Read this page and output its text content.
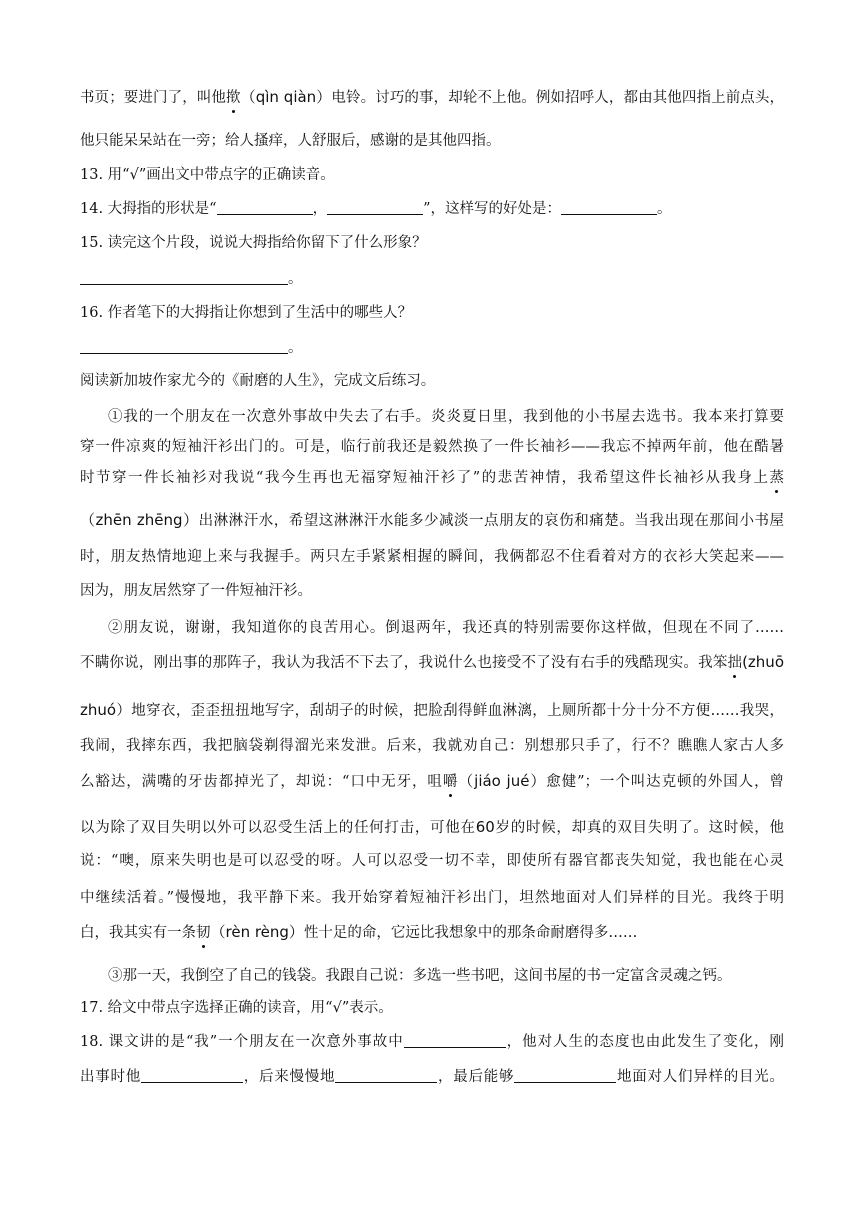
书页；要进门了，叫他揿（qìn qiàn）电铃。讨巧的事，却轮不上他。例如招呼人，都由其他四指上前点头，
他只能呆呆站在一旁；给人搔痒，人舒服后，感谢的是其他四指。
13. 用“√”画出文中带点字的正确读音。
14. 大拇指的形状是“	，	”，这样写的好处是：	。
15. 读完这个片段，说说大拇指给你留下了什么形象？
。
16. 作者笔下的大拇指让你想到了生活中的哪些人？
。
阅读新加坡作家尤今的《耐磨的人生》，完成文后练习。
①我的一个朋友在一次意外事故中失去了右手。炎炎夏日里，我到他的小书屋去选书。我本来打算要
穿一件凉爽的短袖汗衫出门的。可是，临行前我还是毅然换了一件长袖衫——我忘不掉两年前，他在酷暑
时节穿一件长袖衫对我说“我今生再也无福穿短袖汗衫了”的悲苦神情，我希望这件长袖衫从我身上蒸
（zhēn zhēng）出淋淋汗水，希望这淋淋汗水能多少减淡一点朋友的哀伤和痛楚。当我出现在那间小书屋
时，朋友热情地迎上来与我握手。两只左手紧紧相握的瞬间，我俩都忍不住看着对方的衣衫大笑起来——
因为，朋友居然穿了一件短袖汗衫。
②朋友说，谢谢，我知道你的良苦用心。倒退两年，我还真的特别需要你这样做，但现在不同了……
不瞒你说，刚出事的那阵子，我认为我活不下去了，我说什么也接受不了没有右手的残酷现实。我笨拙(zhuō
zhuó）地穿衣，歪歪扭扭地写字，刮胡子的时候，把脸刮得鲜血淋漓，上厕所都十分十分不方便……我哭，
我闹，我摔东西，我把脑袋剃得溜光来发泄。后来，我就劝自己：别想那只手了，行不？瞧瞧人家古人多
么豁达，满嘴的牙齿都掉光了，却说：“口中无牙，咀嚼（jiáo jué）愈健”；一个叫达克顿的外国人，曾
以为除了双目失明以外可以忍受生活上的任何打击，可他在60岁的时候，却真的双目失明了。这时候，他
说：“噢，原来失明也是可以忍受的呀。人可以忍受一切不幸，即使所有器官都丧失知觉，我也能在心灵
中继续活着。”慢慢地，我平静下来。我开始穿着短袖汗衫出门，坦然地面对人们异样的目光。我终于明
白，我其实有一条韧（rèn rèng）性十足的命，它远比我想象中的那条命耐磨得多……
③那一天，我倒空了自己的钱袋。我跟自己说：多选一些书吧，这间书屋的书一定富含灵魂之钙。
17. 给文中带点字选择正确的读音，用“√”表示。
18. 课文讲的是“我”一个朋友在一次意外事故中	，他对人生的态度也由此发生了变化，刚
出事时他	，后来慢慢地	，最后能够	地面对人们异样的目光。
